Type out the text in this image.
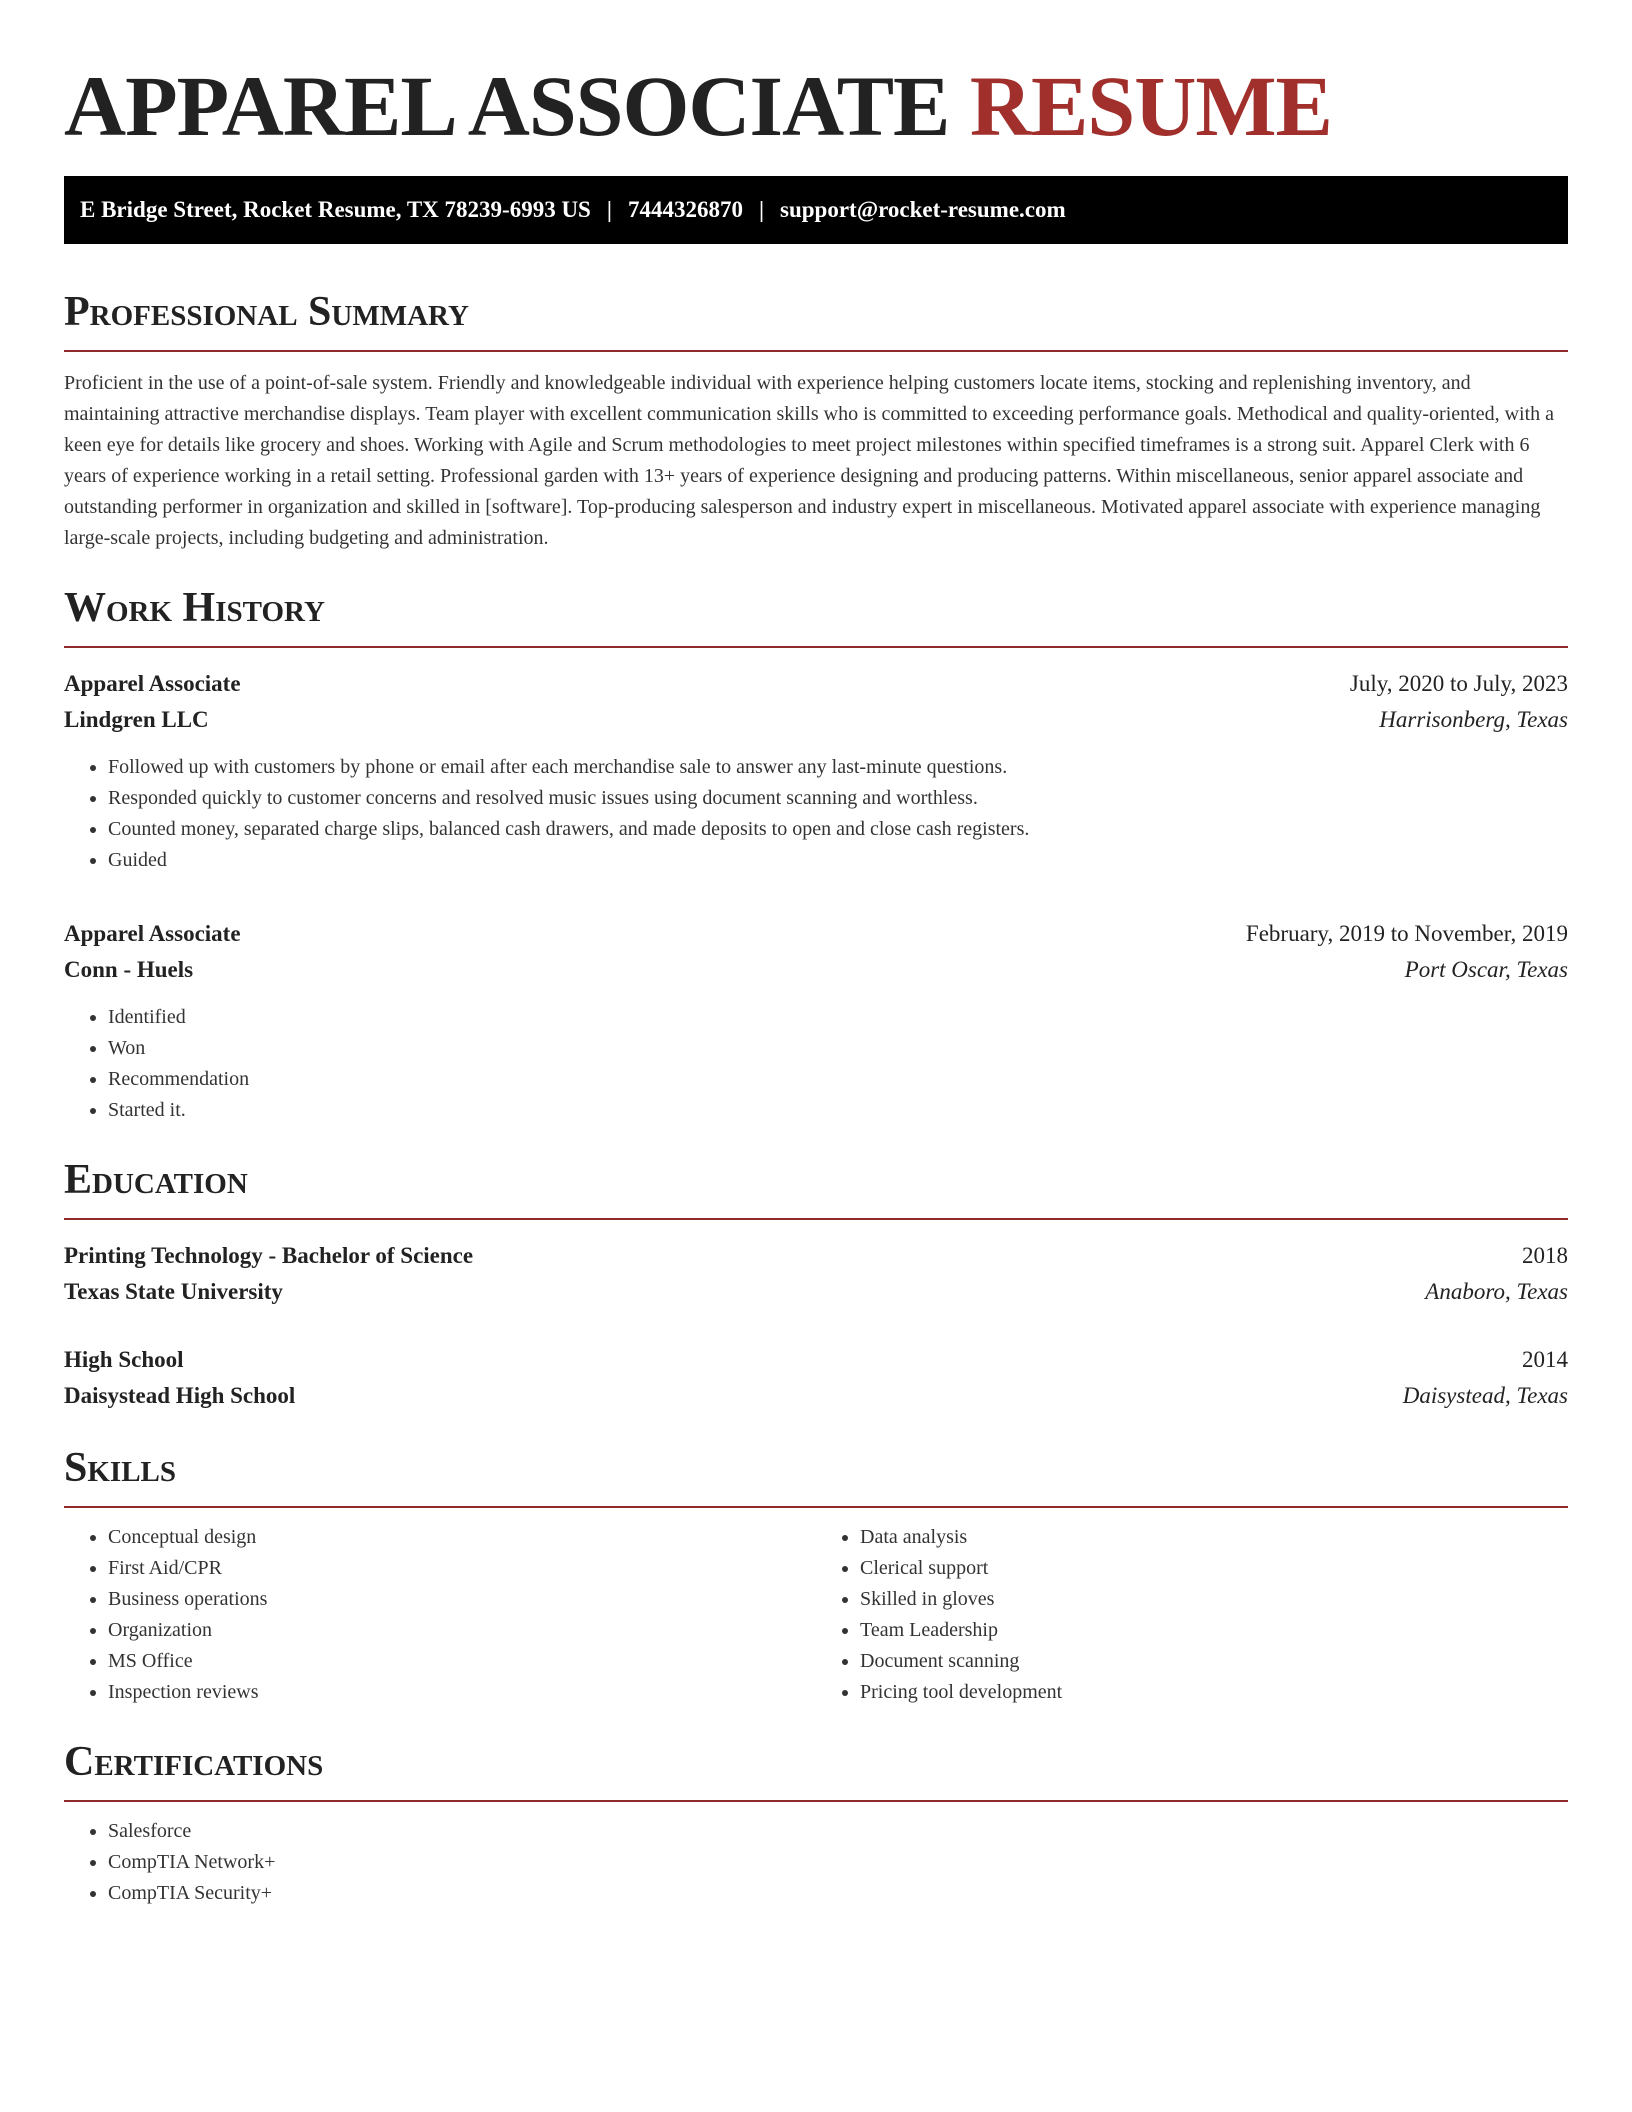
APPAREL ASSOCIATE RESUME
E Bridge Street, Rocket Resume, TX 78239-6993 US | 7444326870 | support@rocket-resume.com
Professional Summary
Proficient in the use of a point-of-sale system. Friendly and knowledgeable individual with experience helping customers locate items, stocking and replenishing inventory, and maintaining attractive merchandise displays. Team player with excellent communication skills who is committed to exceeding performance goals. Methodical and quality-oriented, with a keen eye for details like grocery and shoes. Working with Agile and Scrum methodologies to meet project milestones within specified timeframes is a strong suit. Apparel Clerk with 6 years of experience working in a retail setting. Professional garden with 13+ years of experience designing and producing patterns. Within miscellaneous, senior apparel associate and outstanding performer in organization and skilled in [software]. Top-producing salesperson and industry expert in miscellaneous. Motivated apparel associate with experience managing large-scale projects, including budgeting and administration.
Work History
Apparel Associate	July, 2020 to July, 2023
Lindgren LLC	Harrisonberg, Texas
• Followed up with customers by phone or email after each merchandise sale to answer any last-minute questions.
• Responded quickly to customer concerns and resolved music issues using document scanning and worthless.
• Counted money, separated charge slips, balanced cash drawers, and made deposits to open and close cash registers.
• Guided
Apparel Associate	February, 2019 to November, 2019
Conn - Huels	Port Oscar, Texas
• Identified
• Won
• Recommendation
• Started it.
Education
Printing Technology - Bachelor of Science	2018
Texas State University	Anaboro, Texas
High School	2014
Daisystead High School	Daisystead, Texas
Skills
• Conceptual design
• First Aid/CPR
• Business operations
• Organization
• MS Office
• Inspection reviews
• Data analysis
• Clerical support
• Skilled in gloves
• Team Leadership
• Document scanning
• Pricing tool development
Certifications
• Salesforce
• CompTIA Network+
• CompTIA Security+
